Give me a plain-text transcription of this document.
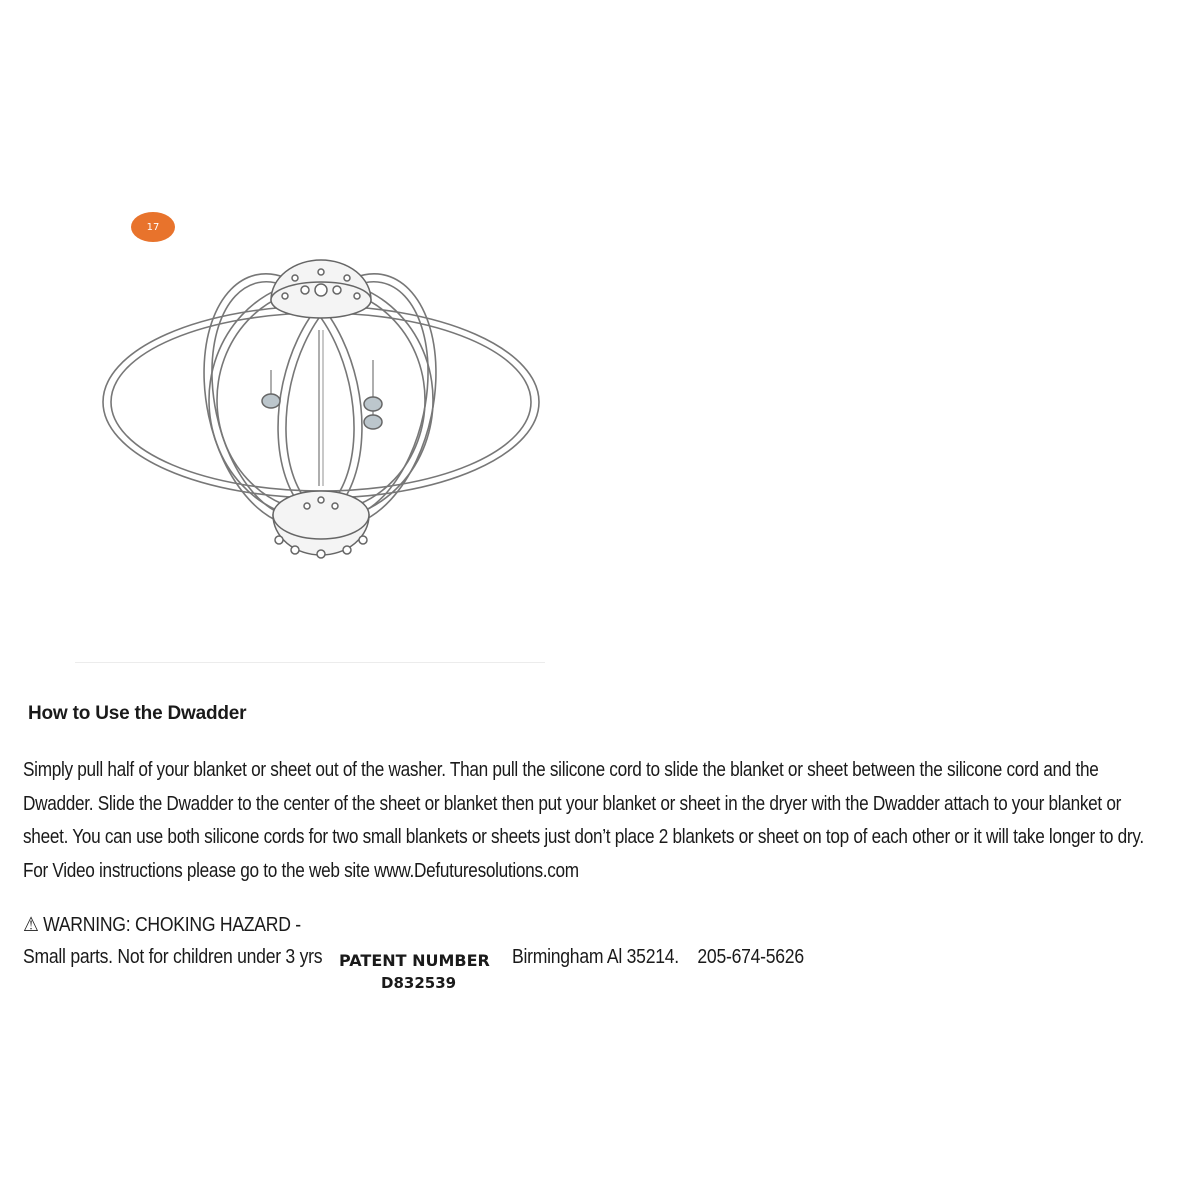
17
How to Use the Dwadder
Simply pull half of your blanket or sheet out of the washer. Than pull the silicone cord to slide the blanket or sheet between the silicone cord and the Dwadder. Slide the Dwadder to the center of the sheet or blanket then put your blanket or sheet in the dryer with the Dwadder attach to your blanket or sheet. You can use both silicone cords for two small blankets or sheets just don’t place 2 blankets or sheet on top of each other or it will take longer to dry. For Video instructions please go to the web site www.Defuturesolutions.com
⚠ WARNING: CHOKING HAZARD -
Small parts. Not for children under 3 yrs PATENT NUMBER
D832539
Birmingham Al 35214.    205-674-5626
